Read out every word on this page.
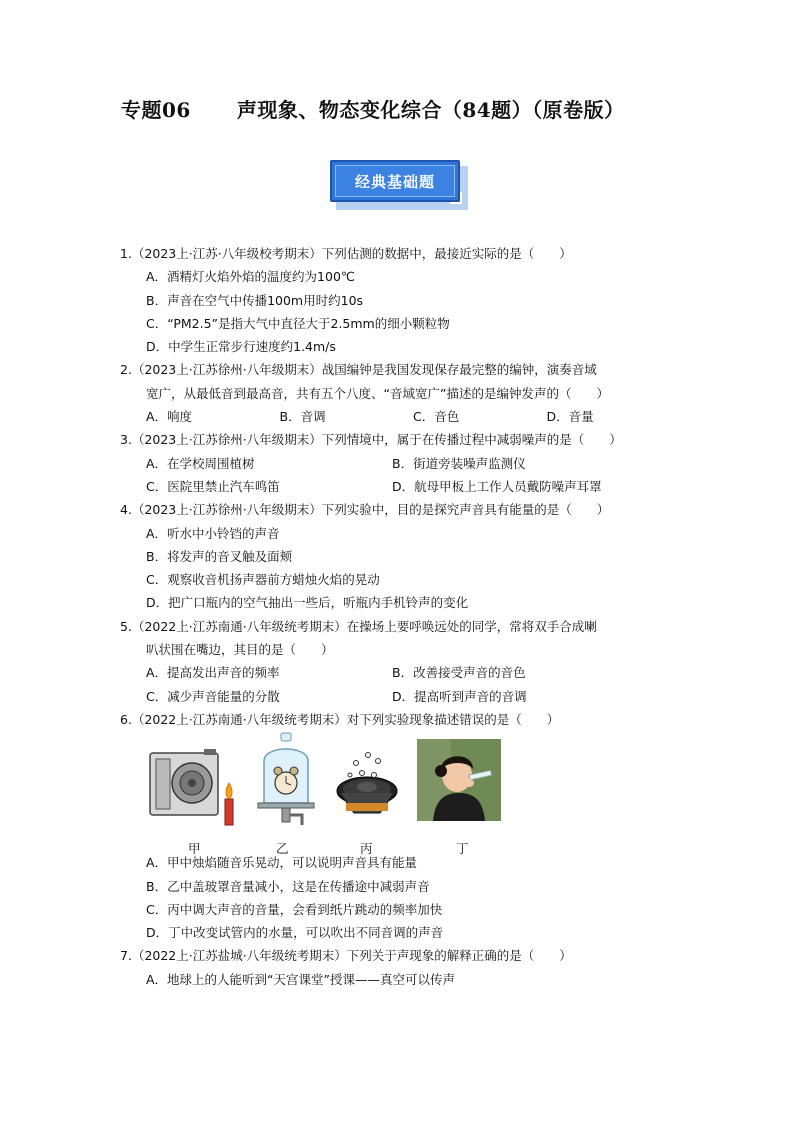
专题06 声现象、物态变化综合（84题）（原卷版）
经典基础题
1.（2023上·江苏·八年级校考期末）下列估测的数据中，最接近实际的是（　　）
A．酒精灯火焰外焰的温度约为100℃
B．声音在空气中传播100m用时约10s
C．“PM2.5”是指大气中直径大于2.5mm的细小颗粒物
D．中学生正常步行速度约1.4m/s
2.（2023上·江苏徐州·八年级期末）战国编钟是我国发现保存最完整的编钟，演奏音域
宽广，从最低音到最高音，共有五个八度、“音域宽广”描述的是编钟发声的（　　）
A．响度	B．音调	C．音色	D．音量
3.（2023上·江苏徐州·八年级期末）下列情境中，属于在传播过程中减弱噪声的是（　　）
A．在学校周围植树	B．街道旁装噪声监测仪
C．医院里禁止汽车鸣笛	D．航母甲板上工作人员戴防噪声耳罩
4.（2023上·江苏徐州·八年级期末）下列实验中，目的是探究声音具有能量的是（　　）
A．听水中小铃铛的声音
B．将发声的音叉触及面颊
C．观察收音机扬声器前方蜡烛火焰的晃动
D．把广口瓶内的空气抽出一些后，听瓶内手机铃声的变化
5.（2022上·江苏南通·八年级统考期末）在操场上要呼唤远处的同学，常将双手合成喇
叭状围在嘴边，其目的是（　　）
A．提高发出声音的频率	B．改善接受声音的音色
C．减少声音能量的分散	D．提高听到声音的音调
6.（2022上·江苏南通·八年级统考期末）对下列实验现象描述错误的是（　　）
甲	乙	丙	丁
A．甲中烛焰随音乐晃动，可以说明声音具有能量
B．乙中盖玻罩音量减小，这是在传播途中减弱声音
C．丙中调大声音的音量，会看到纸片跳动的频率加快
D．丁中改变试管内的水量，可以吹出不同音调的声音
7.（2022上·江苏盐城·八年级统考期末）下列关于声现象的解释正确的是（　　）
A．地球上的人能听到“天宫课堂”授课——真空可以传声
